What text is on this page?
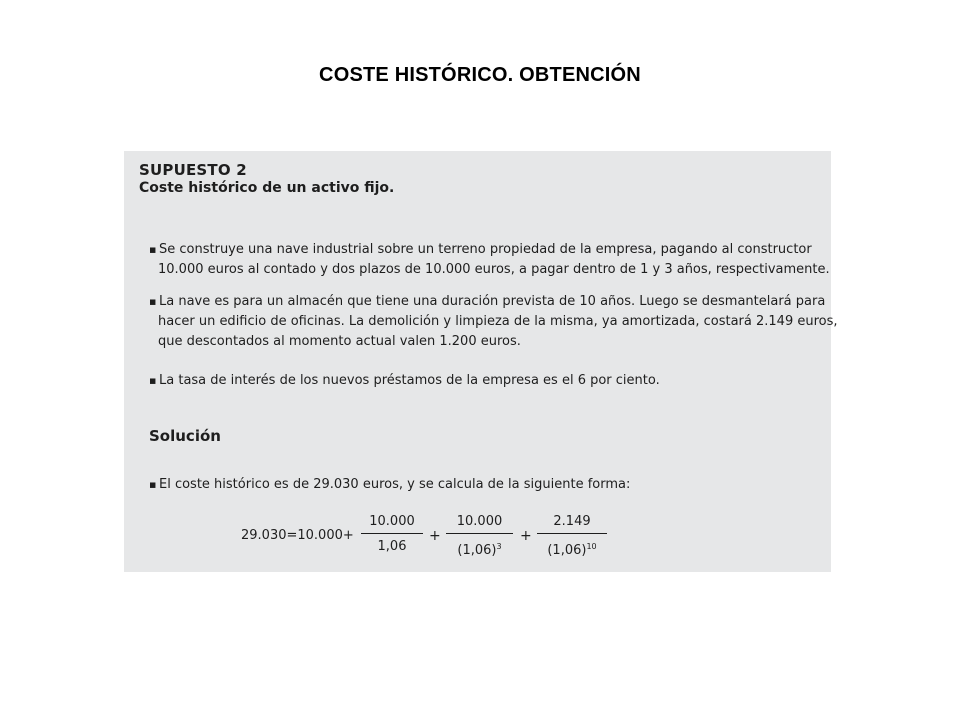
COSTE HISTÓRICO. OBTENCIÓN
SUPUESTO 2
Coste histórico de un activo fijo.
▪ Se construye una nave industrial sobre un terreno propiedad de la empresa, pagando al constructor
10.000 euros al contado y dos plazos de 10.000 euros, a pagar dentro de 1 y 3 años, respectivamente.
▪ La nave es para un almacén que tiene una duración prevista de 10 años. Luego se desmantelará para
hacer un edificio de oficinas. La demolición y limpieza de la misma, ya amortizada, costará 2.149 euros,
que descontados al momento actual valen 1.200 euros.
▪ La tasa de interés de los nuevos préstamos de la empresa es el 6 por ciento.
Solución
▪ El coste histórico es de 29.030 euros, y se calcula de la siguiente forma:
29.030=10.000+
10.000
1,06
+
10.000
$(1,06)^3$
+
2.149
$(1,06)^{10}$
